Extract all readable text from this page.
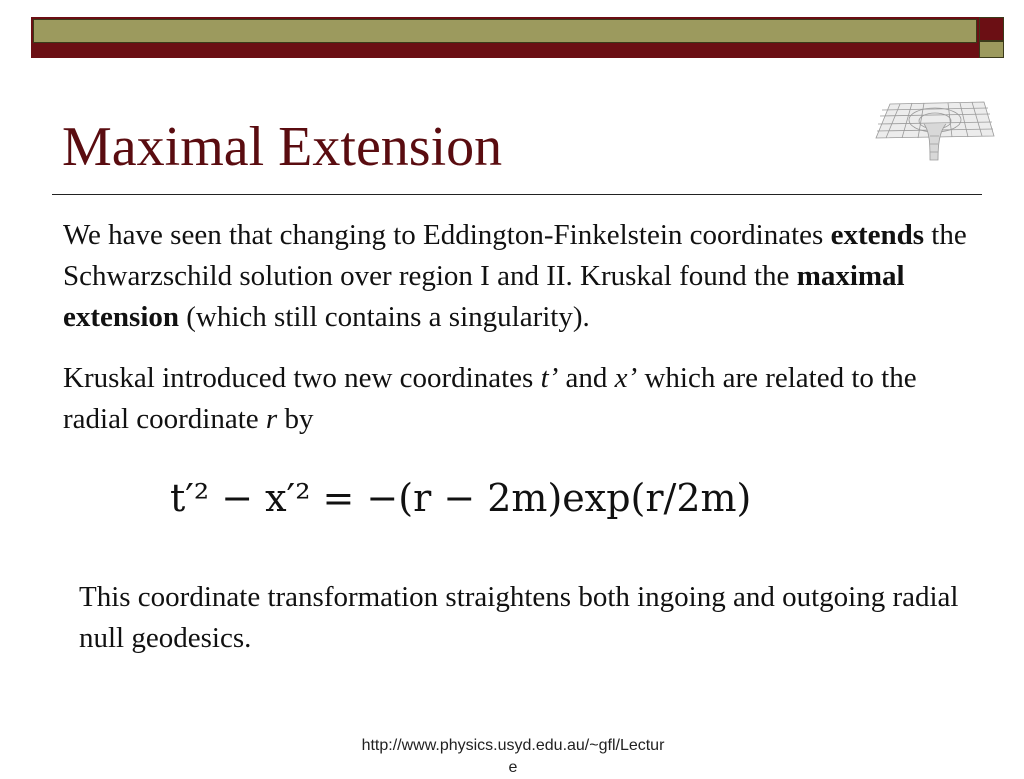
Maximal Extension

We have seen that changing to Eddington-Finkelstein coordinates extends the Schwarzschild solution over region I and II. Kruskal found the maximal extension (which still contains a singularity).

Kruskal introduced two new coordinates t’ and x’ which are related to the radial coordinate r by

t′² − x′² = −(r − 2m)exp(r/2m)

This coordinate transformation straightens both ingoing and outgoing radial null geodesics.

http://www.physics.usyd.edu.au/~gfl/Lecture
